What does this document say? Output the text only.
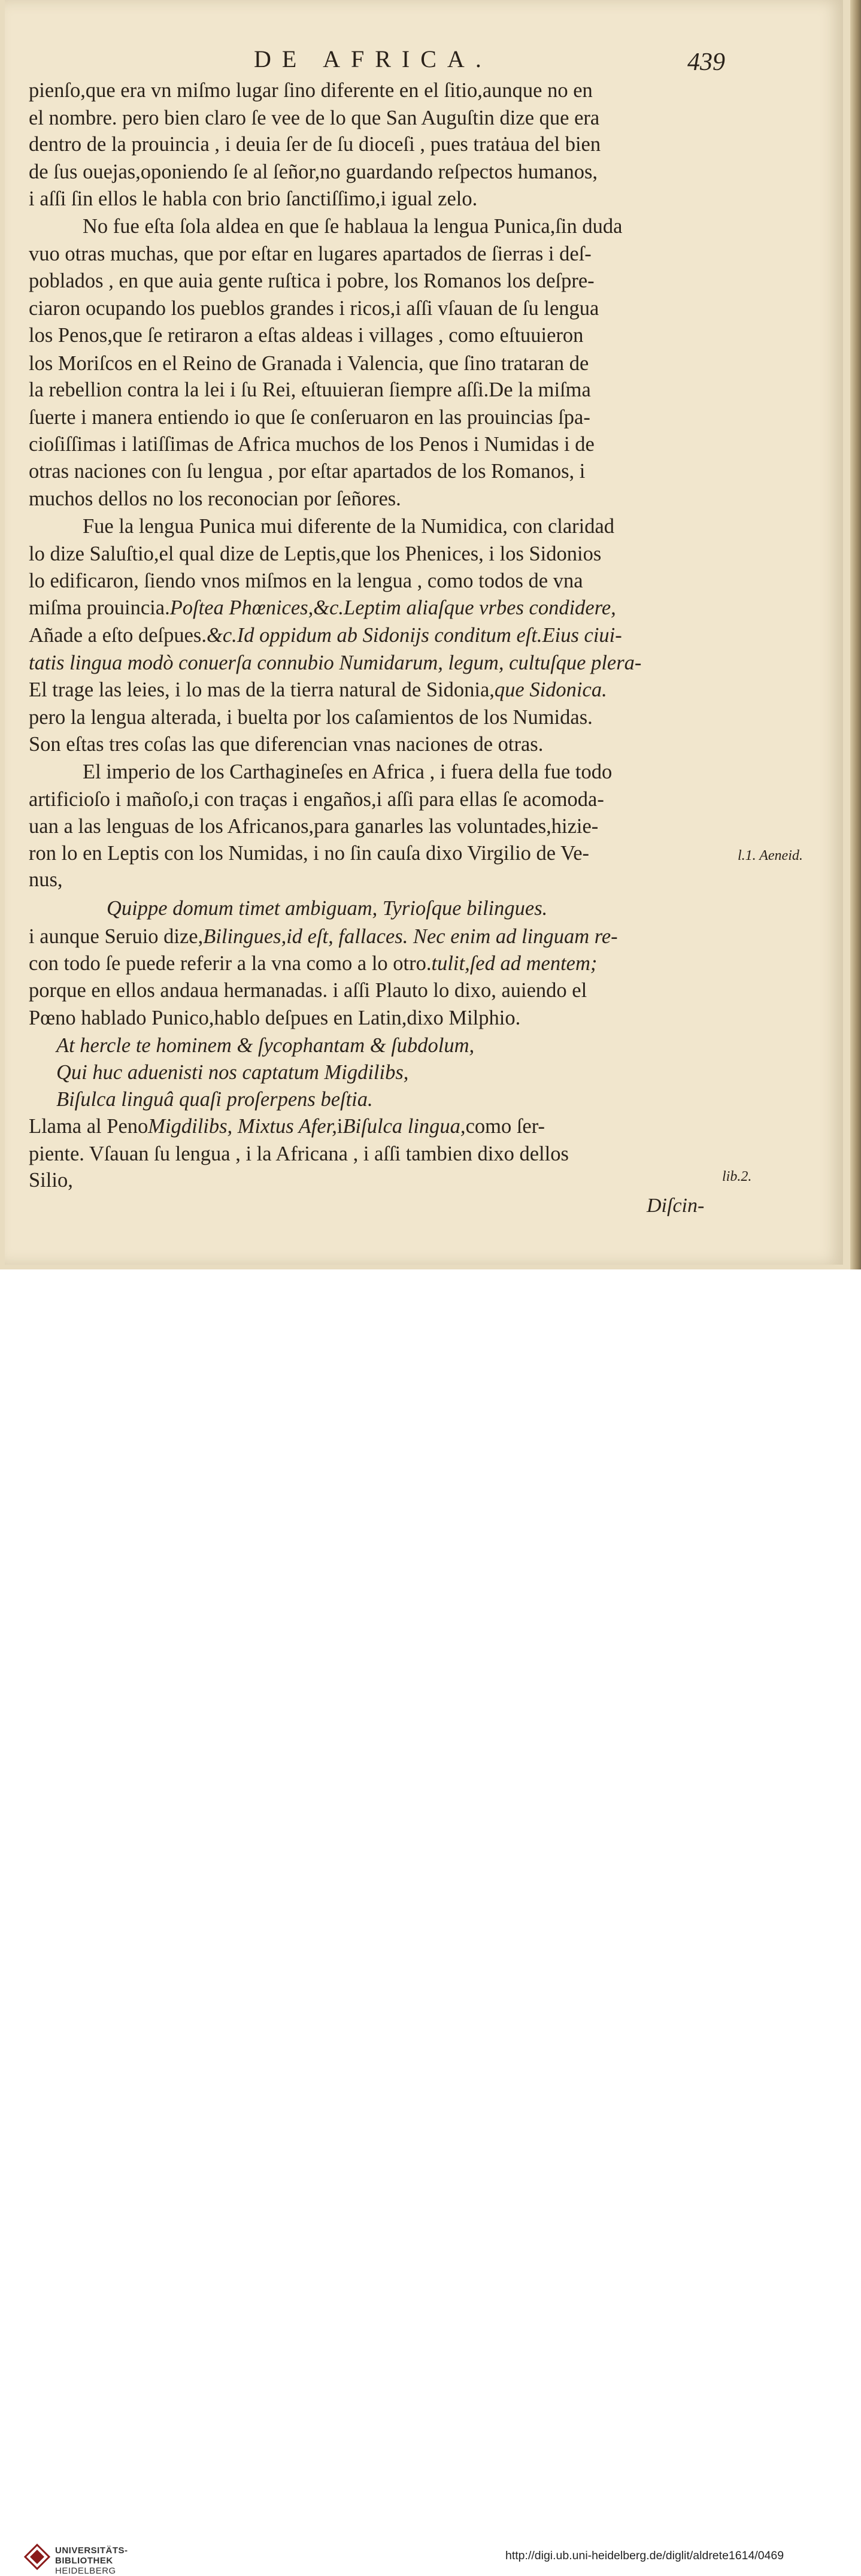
DE AFRICA.	439
pienſo,que era vn miſmo lugar ſino diferente en el ſitio,aunque no en
el nombre. pero bien claro ſe vee de lo que San Auguſtin dize que era
dentro de la prouincia , i deuia ſer de ſu dioceſi , pues tratȧua del bien
de ſus ouejas,oponiendo ſe al ſeñor,no guardando reſpectos humanos,
i aſſi ſin ellos le habla con brio ſanctiſſimo,i igual zelo.
No fue eſta ſola aldea en que ſe hablaua la lengua Punica,ſin duda
vuo otras muchas, que por eſtar en lugares apartados de ſierras i deſ-
poblados , en que auia gente ruſtica i pobre, los Romanos los deſpre-
ciaron ocupando los pueblos grandes i ricos,i aſſi vſauan de ſu lengua
los Penos,que ſe retiraron a eſtas aldeas i villages , como eſtuuieron
los Moriſcos en el Reino de Granada i Valencia, que ſino trataran de
la rebellion contra la lei i ſu Rei, eſtuuieran ſiempre aſſi.De la miſma
ſuerte i manera entiendo io que ſe conſeruaron en las prouincias ſpa-
cioſiſſimas i latiſſimas de Africa muchos de los Penos i Numidas i de
otras naciones con ſu lengua , por eſtar apartados de los Romanos, i
muchos dellos no los reconocian por ſeñores.
Fue la lengua Punica mui diferente de la Numidica, con claridad
lo dize Saluſtio,el qual dize de Leptis,que los Phenices, i los Sidonios
lo edificaron, ſiendo vnos miſmos en la lengua , como todos de vna
miſma prouincia.Poſtea Phœnices,&c.Leptim aliaſque vrbes condidere,
Añade a eſto deſpues.&c.Id oppidum ab Sidonijs conditum eſt.Eius ciui-
tatis lingua modò conuerſa connubio Numidarum, legum, cultuſque plera-
El trage las leies, i lo mas de la tierra natural de Sidonia,que Sidonica.
pero la lengua alterada, i buelta por los caſamientos de los Numidas.
Son eſtas tres coſas las que diferencian vnas naciones de otras.
El imperio de los Carthagineſes en Africa , i fuera della fue todo
artificioſo i mañoſo,i con traças i engaños,i aſſi para ellas ſe acomoda-
uan a las lenguas de los Africanos,para ganarles las voluntades,hizie-
ron lo en Leptis con los Numidas, i no ſin cauſa dixo Virgilio de Ve-
nus,
Quippe domum timet ambiguam, Tyrioſque bilingues.
i aunque Seruio dize,Bilingues,id eſt, fallaces. Nec enim ad linguam re-
con todo ſe puede referir a la vna como a lo otro.tulit,ſed ad mentem;
porque en ellos andaua hermanadas. i aſſi Plauto lo dixo, auiendo el
Pœno hablado Punico,hablo deſpues en Latin,dixo Milphio.
At hercle te hominem & ſycophantam & ſubdolum,
Qui huc aduenisti nos captatum Migdilibs,
Biſulca linguâ quaſi proſerpens beſtia.
Llama al PenoMigdilibs, Mixtus Afer,iBiſulca lingua,como ſer-
piente. Vſauan ſu lengua , i la Africana , i aſſi tambien dixo dellos
Silio,
l.1. Aeneid.
lib.2.
Diſcin-
UNIVERSITÄTS-
BIBLIOTHEK
HEIDELBERG
http://digi.ub.uni-heidelberg.de/diglit/aldrete1614/0469
